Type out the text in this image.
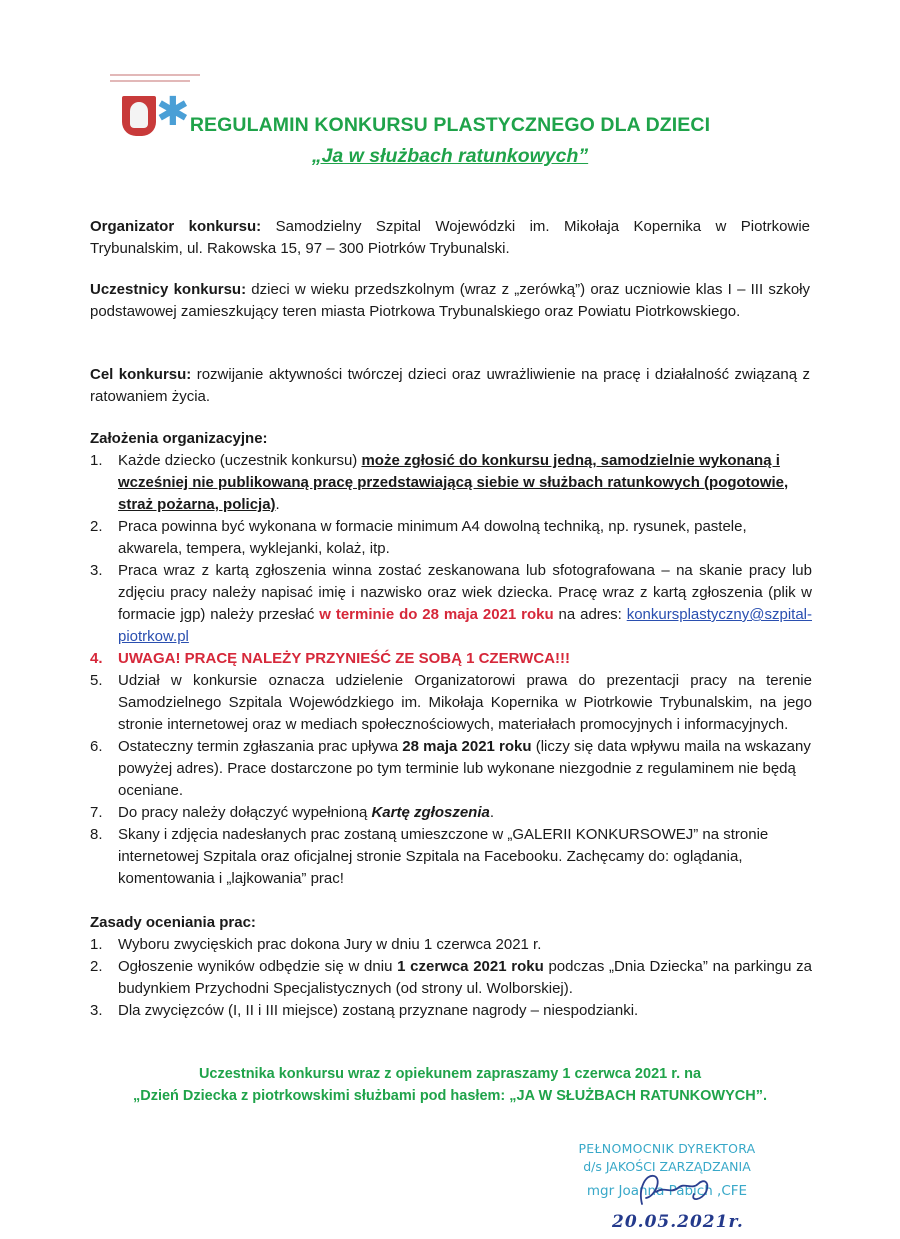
✱ REGULAMIN KONKURSU PLASTYCZNEGO DLA DZIECI
„Ja w służbach ratunkowych”
Organizator konkursu: Samodzielny Szpital Wojewódzki im. Mikołaja Kopernika w Piotrkowie Trybunalskim, ul. Rakowska 15, 97 – 300 Piotrków Trybunalski.
Uczestnicy konkursu: dzieci w wieku przedszkolnym (wraz z „zerówką”) oraz uczniowie klas I – III szkoły podstawowej zamieszkujący teren miasta Piotrkowa Trybunalskiego oraz Powiatu Piotrkowskiego.
Cel konkursu: rozwijanie aktywności twórczej dzieci oraz uwrażliwienie na pracę i działalność związaną z ratowaniem życia.
Założenia organizacyjne:
1. Każde dziecko (uczestnik konkursu) może zgłosić do konkursu jedną, samodzielnie wykonaną i wcześniej nie publikowaną pracę przedstawiającą siebie w służbach ratunkowych (pogotowie, straż pożarna, policja).
2. Praca powinna być wykonana w formacie minimum A4 dowolną techniką, np. rysunek, pastele, akwarela, tempera, wyklejanki, kolaż, itp.
3. Praca wraz z kartą zgłoszenia winna zostać zeskanowana lub sfotografowana – na skanie pracy lub zdjęciu pracy należy napisać imię i nazwisko oraz wiek dziecka. Pracę wraz z kartą zgłoszenia (plik w formacie jgp) należy przesłać w terminie do 28 maja 2021 roku na adres: konkursplastyczny@szpital-piotrkow.pl
4. UWAGA! PRACĘ NALEŻY PRZYNIEŚĆ ZE SOBĄ 1 CZERWCA!!!
5. Udział w konkursie oznacza udzielenie Organizatorowi prawa do prezentacji pracy na terenie Samodzielnego Szpitala Wojewódzkiego im. Mikołaja Kopernika w Piotrkowie Trybunalskim, na jego stronie internetowej oraz w mediach społecznościowych, materiałach promocyjnych i informacyjnych.
6. Ostateczny termin zgłaszania prac upływa 28 maja 2021 roku (liczy się data wpływu maila na wskazany powyżej adres). Prace dostarczone po tym terminie lub wykonane niezgodnie z regulaminem nie będą oceniane.
7. Do pracy należy dołączyć wypełnioną Kartę zgłoszenia.
8. Skany i zdjęcia nadesłanych prac zostaną umieszczone w „GALERII KONKURSOWEJ” na stronie internetowej Szpitala oraz oficjalnej stronie Szpitala na Facebooku. Zachęcamy do: oglądania, komentowania i „lajkowania” prac!
Zasady oceniania prac:
1. Wyboru zwycięskich prac dokona Jury w dniu 1 czerwca 2021 r.
2. Ogłoszenie wyników odbędzie się w dniu 1 czerwca 2021 roku podczas „Dnia Dziecka” na parkingu za budynkiem Przychodni Specjalistycznych (od strony ul. Wolborskiej).
3. Dla zwycięzców (I, II i III miejsce) zostaną przyznane nagrody – niespodzianki.
Uczestnika konkursu wraz z opiekunem zapraszamy 1 czerwca 2021 r. na
„Dzień Dziecka z piotrkowskimi służbami pod hasłem: „JA W SŁUŻBACH RATUNKOWYCH”.
PEŁNOMOCNIK DYREKTORA
d/s JAKOŚCI ZARZĄDZANIA
mgr Joanna Pabich ,CFE
20.05.2021r.
